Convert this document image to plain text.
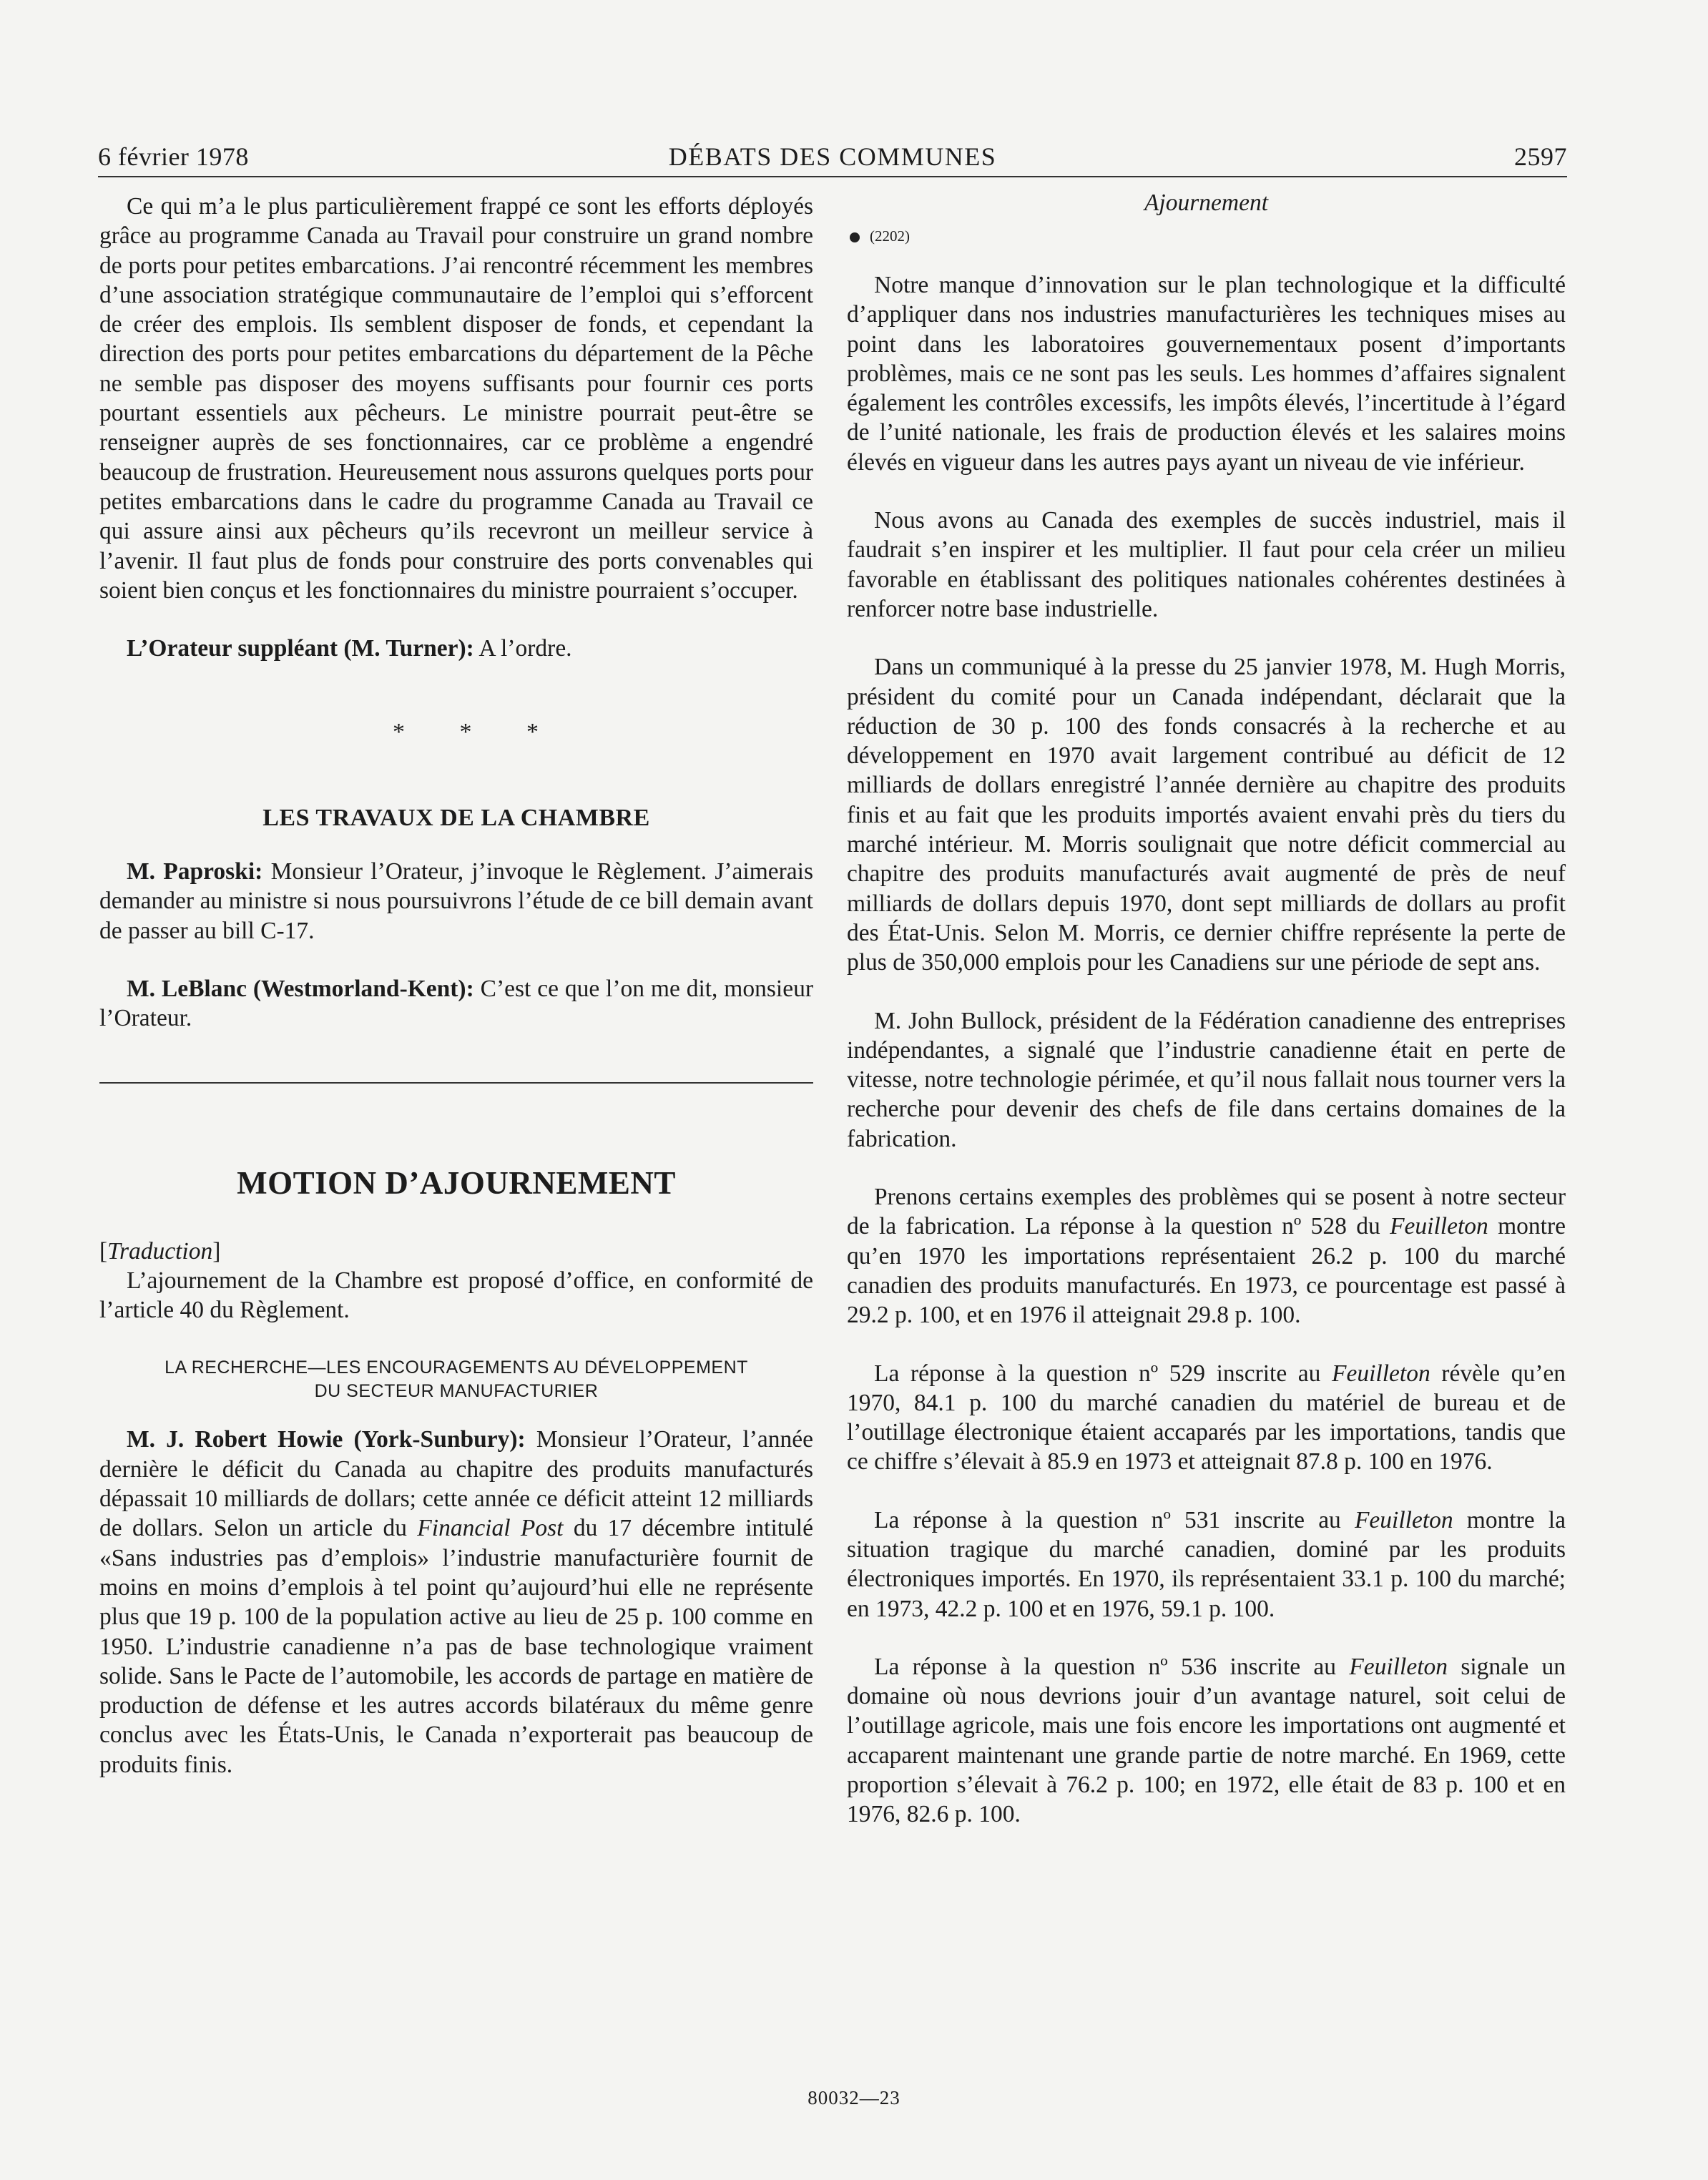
6 février 1978	DÉBATS DES COMMUNES	2597

Ce qui m’a le plus particulièrement frappé ce sont les efforts déployés grâce au programme Canada au Travail pour construire un grand nombre de ports pour petites embarcations. J’ai rencontré récemment les membres d’une association stratégique communautaire de l’emploi qui s’efforcent de créer des emplois. Ils semblent disposer de fonds, et cependant la direction des ports pour petites embarcations du département de la Pêche ne semble pas disposer des moyens suffisants pour fournir ces ports pourtant essentiels aux pêcheurs. Le ministre pourrait peut-être se renseigner auprès de ses fonctionnaires, car ce problème a engendré beaucoup de frustration. Heureusement nous assurons quelques ports pour petites embarcations dans le cadre du programme Canada au Travail ce qui assure ainsi aux pêcheurs qu’ils recevront un meilleur service à l’avenir. Il faut plus de fonds pour construire des ports convenables qui soient bien conçus et les fonctionnaires du ministre pourraient s’occuper.

L’Orateur suppléant (M. Turner): A l’ordre.

* * *
LES TRAVAUX DE LA CHAMBRE

M. Paproski: Monsieur l’Orateur, j’invoque le Règlement. J’aimerais demander au ministre si nous poursuivrons l’étude de ce bill demain avant de passer au bill C-17.

M. LeBlanc (Westmorland-Kent): C’est ce que l’on me dit, monsieur l’Orateur.

MOTION D’AJOURNEMENT
[Traduction]

L’ajournement de la Chambre est proposé d’office, en conformité de l’article 40 du Règlement.

LA RECHERCHE—LES ENCOURAGEMENTS AU DÉVELOPPEMENT
DU SECTEUR MANUFACTURIER

M. J. Robert Howie (York-Sunbury): Monsieur l’Orateur, l’année dernière le déficit du Canada au chapitre des produits manufacturés dépassait 10 milliards de dollars; cette année ce déficit atteint 12 milliards de dollars. Selon un article du Financial Post du 17 décembre intitulé «Sans industries pas d’emplois» l’industrie manufacturière fournit de moins en moins d’emplois à tel point qu’aujourd’hui elle ne représente plus que 19 p. 100 de la population active au lieu de 25 p. 100 comme en 1950. L’industrie canadienne n’a pas de base technologique vraiment solide. Sans le Pacte de l’automobile, les accords de partage en matière de production de défense et les autres accords bilatéraux du même genre conclus avec les États-Unis, le Canada n’exporterait pas beaucoup de produits finis.

Ajournement
(2202)

Notre manque d’innovation sur le plan technologique et la difficulté d’appliquer dans nos industries manufacturières les techniques mises au point dans les laboratoires gouvernementaux posent d’importants problèmes, mais ce ne sont pas les seuls. Les hommes d’affaires signalent également les contrôles excessifs, les impôts élevés, l’incertitude à l’égard de l’unité nationale, les frais de production élevés et les salaires moins élevés en vigueur dans les autres pays ayant un niveau de vie inférieur.

Nous avons au Canada des exemples de succès industriel, mais il faudrait s’en inspirer et les multiplier. Il faut pour cela créer un milieu favorable en établissant des politiques nationales cohérentes destinées à renforcer notre base industrielle.

Dans un communiqué à la presse du 25 janvier 1978, M. Hugh Morris, président du comité pour un Canada indépendant, déclarait que la réduction de 30 p. 100 des fonds consacrés à la recherche et au développement en 1970 avait largement contribué au déficit de 12 milliards de dollars enregistré l’année dernière au chapitre des produits finis et au fait que les produits importés avaient envahi près du tiers du marché intérieur. M. Morris soulignait que notre déficit commercial au chapitre des produits manufacturés avait augmenté de près de neuf milliards de dollars depuis 1970, dont sept milliards de dollars au profit des État-Unis. Selon M. Morris, ce dernier chiffre représente la perte de plus de 350,000 emplois pour les Canadiens sur une période de sept ans.

M. John Bullock, président de la Fédération canadienne des entreprises indépendantes, a signalé que l’industrie canadienne était en perte de vitesse, notre technologie périmée, et qu’il nous fallait nous tourner vers la recherche pour devenir des chefs de file dans certains domaines de la fabrication.

Prenons certains exemples des problèmes qui se posent à notre secteur de la fabrication. La réponse à la question nº 528 du Feuilleton montre qu’en 1970 les importations représentaient 26.2 p. 100 du marché canadien des produits manufacturés. En 1973, ce pourcentage est passé à 29.2 p. 100, et en 1976 il atteignait 29.8 p. 100.

La réponse à la question nº 529 inscrite au Feuilleton révèle qu’en 1970, 84.1 p. 100 du marché canadien du matériel de bureau et de l’outillage électronique étaient accaparés par les importations, tandis que ce chiffre s’élevait à 85.9 en 1973 et atteignait 87.8 p. 100 en 1976.

La réponse à la question nº 531 inscrite au Feuilleton montre la situation tragique du marché canadien, dominé par les produits électroniques importés. En 1970, ils représentaient 33.1 p. 100 du marché; en 1973, 42.2 p. 100 et en 1976, 59.1 p. 100.

La réponse à la question nº 536 inscrite au Feuilleton signale un domaine où nous devrions jouir d’un avantage naturel, soit celui de l’outillage agricole, mais une fois encore les importations ont augmenté et accaparent maintenant une grande partie de notre marché. En 1969, cette proportion s’élevait à 76.2 p. 100; en 1972, elle était de 83 p. 100 et en 1976, 82.6 p. 100.

80032—23
